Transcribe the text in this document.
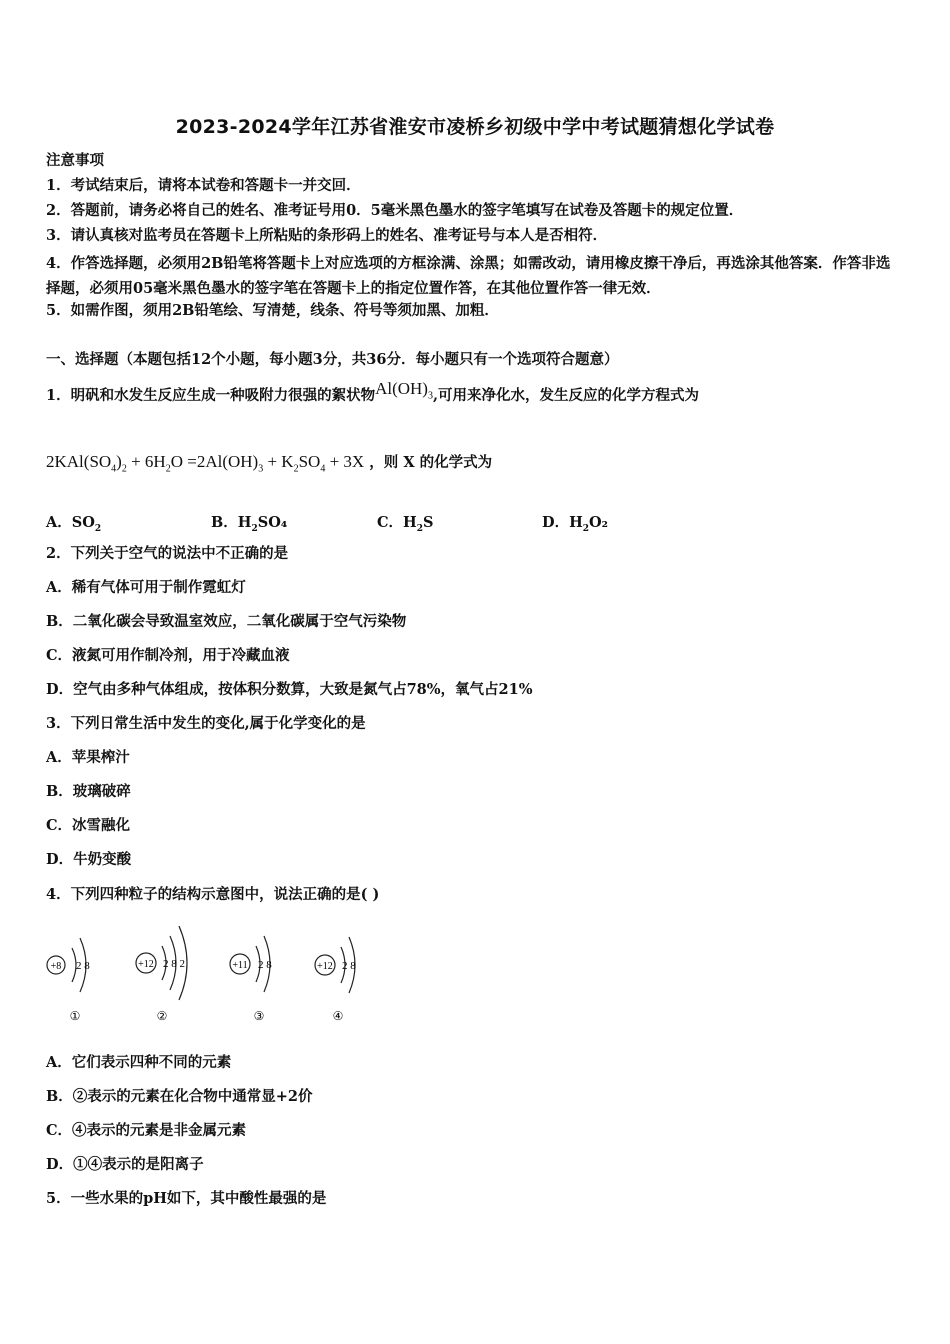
2023-2024学年江苏省淮安市凌桥乡初级中学中考试题猜想化学试卷
注意事项
1．考试结束后，请将本试卷和答题卡一并交回．
2．答题前，请务必将自己的姓名、准考证号用0．5毫米黑色墨水的签字笔填写在试卷及答题卡的规定位置．
3．请认真核对监考员在答题卡上所粘贴的条形码上的姓名、准考证号与本人是否相符．
4．作答选择题，必须用2B铅笔将答题卡上对应选项的方框涂满、涂黑；如需改动，请用橡皮擦干净后，再选涂其他答案．作答非选择题，必须用05毫米黑色墨水的签字笔在答题卡上的指定位置作答，在其他位置作答一律无效．
5．如需作图，须用2B铅笔绘、写清楚，线条、符号等须加黑、加粗．
一、选择题（本题包括12个小题，每小题3分，共36分．每小题只有一个选项符合题意）
1．明矾和水发生反应生成一种吸附力很强的絮状物$Al(OH)_3$,可用来净化水，发生反应的化学方程式为
$2KAl(SO_4)_2 + 6H_2O =2Al(OH)_3 + K_2SO_4 + 3X$ ，则 X 的化学式为
A．$SO_2$	B．$H_2SO_4$	C．$H_2S$	D．$H_2O_2$
2．下列关于空气的说法中不正确的是
A．稀有气体可用于制作霓虹灯
B．二氧化碳会导致温室效应，二氧化碳属于空气污染物
C．液氮可用作制冷剂，用于冷藏血液
D．空气由多种气体组成，按体积分数算，大致是氮气占78%，氧气占21%
3．下列日常生活中发生的变化,属于化学变化的是
A．苹果榨汁
B．玻璃破碎
C．冰雪融化
D．牛奶变酸
4．下列四种粒子的结构示意图中，说法正确的是( )
+8 2 8
①
+12 2 8 2
②
+11 2 8
③
+12 2 8
④
A．它们表示四种不同的元素
B．②表示的元素在化合物中通常显+2价
C．④表示的元素是非金属元素
D．①④表示的是阳离子
5．一些水果的pH如下，其中酸性最强的是
